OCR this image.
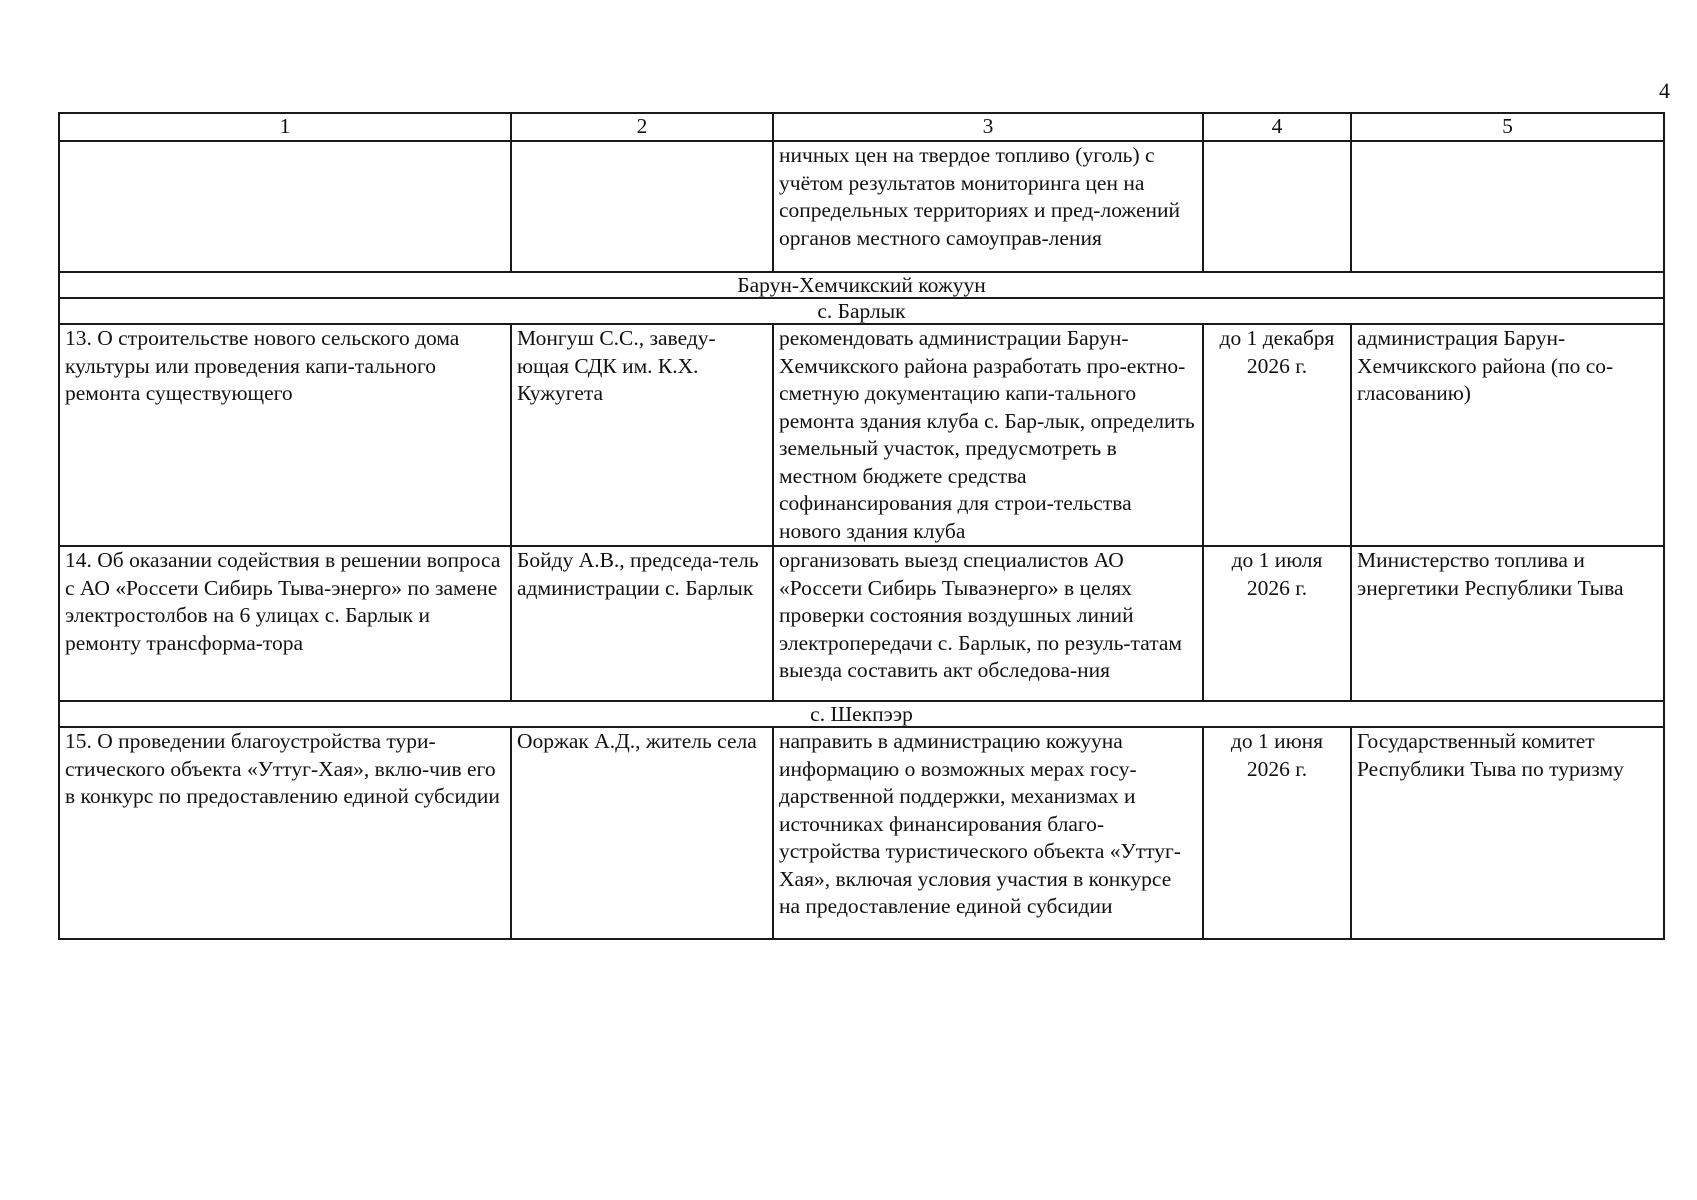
4
1	2	3	4	5
		ничных цен на твердое топливо (уголь) с учётом результатов мониторинга цен на сопредельных территориях и пред-ложений органов местного самоуправ-ления		
Барун-Хемчикский кожуун				
с. Барлык				
13. О строительстве нового сельского дома культуры или проведения капи-тального ремонта существующего	Монгуш С.С., заведу-ющая СДК им. К.Х. Кужугета	рекомендовать администрации Барун-Хемчикского района разработать про-ектно-сметную документацию капи-тального ремонта здания клуба с. Бар-лык, определить земельный участок, предусмотреть в местном бюджете средства софинансирования для строи-тельства нового здания клуба	до 1 декабря 2026 г.	администрация Барун-Хемчикского района (по со-гласованию)
14. Об оказании содействия в решении вопроса с АО «Россети Сибирь Тыва-энерго» по замене электростолбов на 6 улицах с. Барлык и ремонту трансформа-тора	Бойду А.В., председа-тель администрации с. Барлык	организовать выезд специалистов АО «Россети Сибирь Тываэнерго» в целях проверки состояния воздушных линий электропередачи с. Барлык, по резуль-татам выезда составить акт обследова-ния	до 1 июля 2026 г.	Министерство топлива и энергетики Республики Тыва
с. Шекпээр				
15. О проведении благоустройства тури-стического объекта «Уттуг-Хая», вклю-чив его в конкурс по предоставлению единой субсидии	Ооржак А.Д., житель села	направить в администрацию кожууна информацию о возможных мерах госу-дарственной поддержки, механизмах и источниках финансирования благо-устройства туристического объекта «Уттуг-Хая», включая условия участия в конкурсе на предоставление единой субсидии	до 1 июня 2026 г.	Государственный комитет Республики Тыва по туризму
